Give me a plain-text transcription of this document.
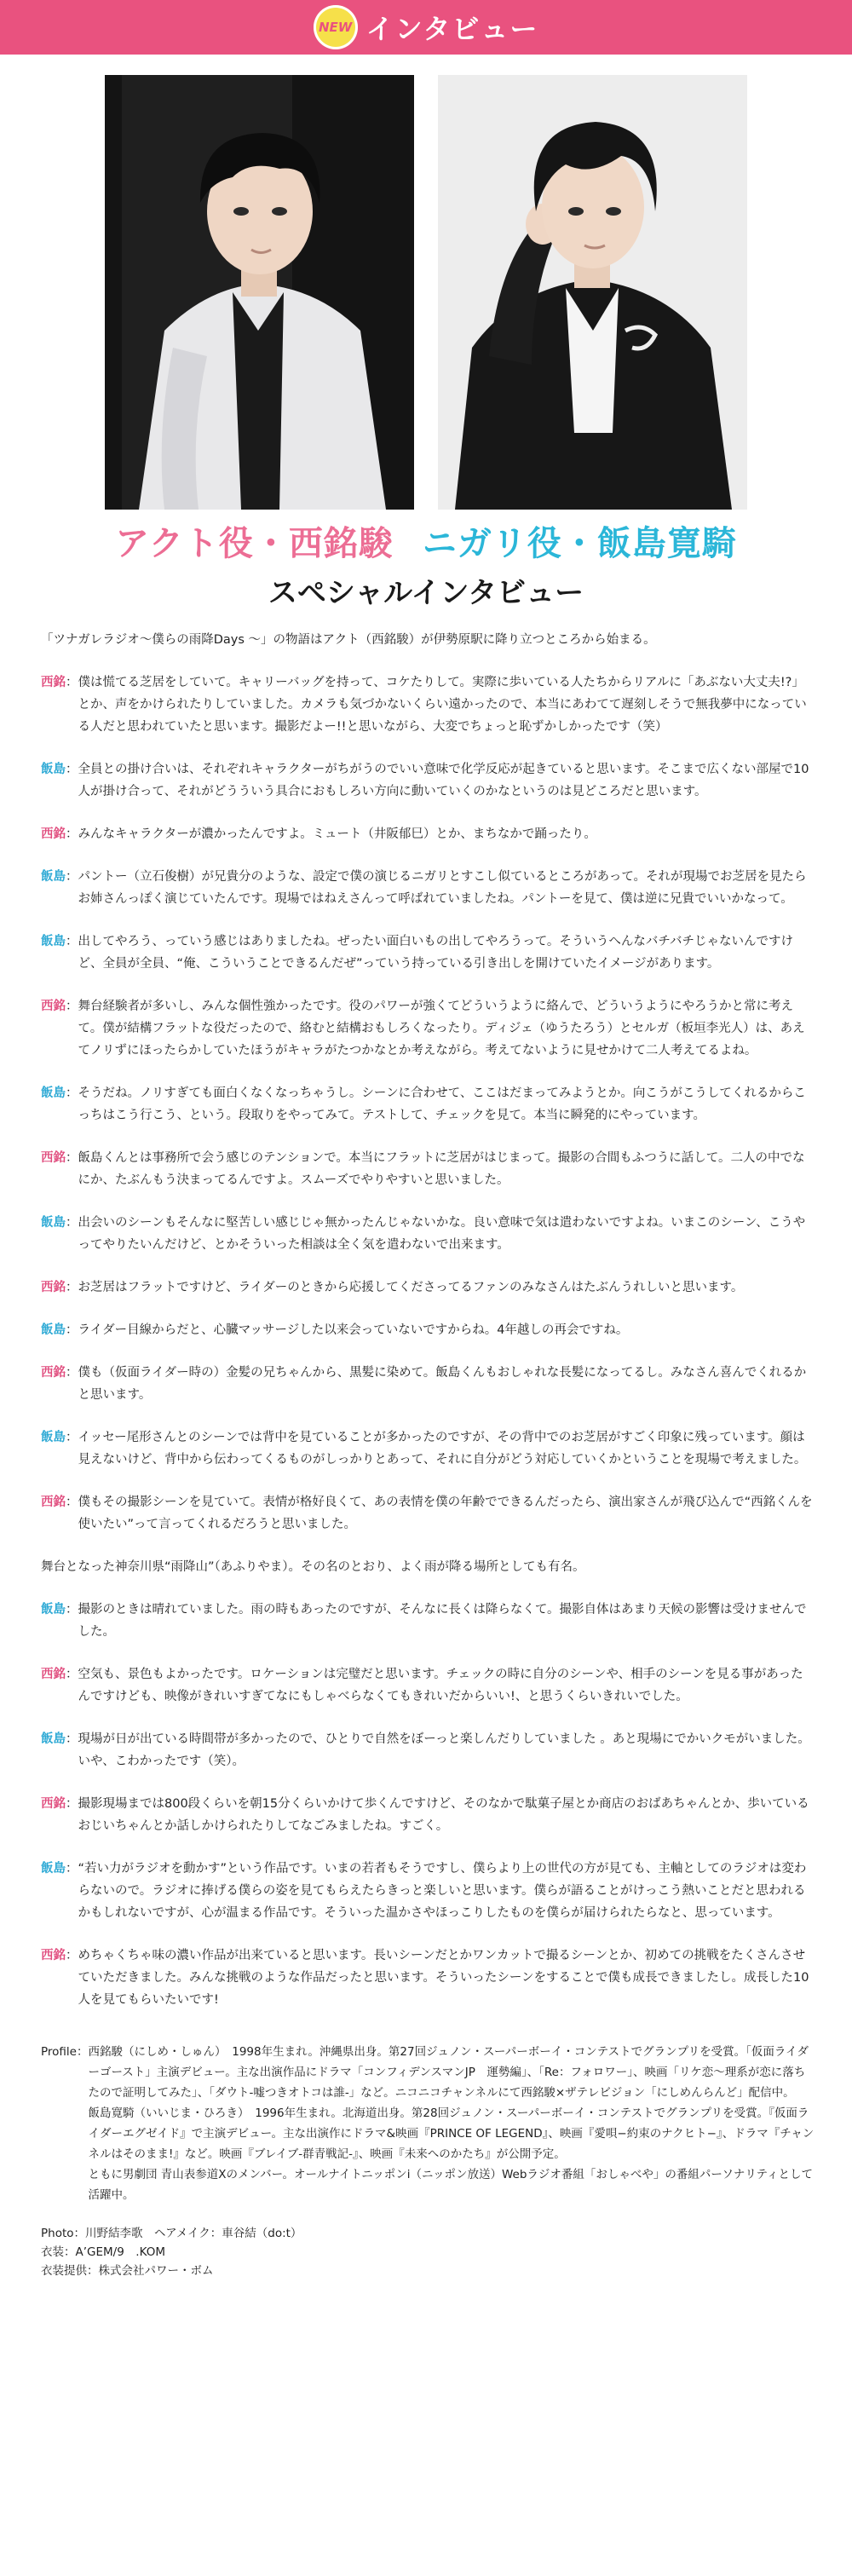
NEW インタビュー
アクト役・西銘駿 ニガリ役・飯島寛騎
スペシャルインタビュー

「ツナガレラジオ〜僕らの雨降Days 〜」の物語はアクト（西銘駿）が伊勢原駅に降り立つところから始まる。

西銘 ： 僕は慌てる芝居をしていて。キャリーバッグを持って、コケたりして。実際に歩いている人たちからリアルに「あぶない大丈夫!?」とか、声をかけられたりしていました。カメラも気づかないくらい遠かったので、本当にあわてて遅刻しそうで無我夢中になっている人だと思われていたと思います。撮影だよー!!と思いながら、大変でちょっと恥ずかしかったです（笑）
飯島 ： 全員との掛け合いは、それぞれキャラクターがちがうのでいい意味で化学反応が起きていると思います。そこまで広くない部屋で10人が掛け合って、それがどうういう具合におもしろい方向に動いていくのかなというのは見どころだと思います。
西銘 ： みんなキャラクターが濃かったんですよ。ミュート（井阪郁巳）とか、まちなかで踊ったり。
飯島 ： パントー（立石俊樹）が兄貴分のような、設定で僕の演じるニガリとすこし似ているところがあって。それが現場でお芝居を見たらお姉さんっぽく演じていたんです。現場ではねえさんって呼ばれていましたね。パントーを見て、僕は逆に兄貴でいいかなって。
飯島 ： 出してやろう、っていう感じはありましたね。ぜったい面白いもの出してやろうって。そういうへんなバチバチじゃないんですけど、全員が全員、“俺、こういうことできるんだぜ”っていう持っている引き出しを開けていたイメージがあります。
西銘 ： 舞台経験者が多いし、みんな個性強かったです。役のパワーが強くてどういうように絡んで、どういうようにやろうかと常に考えて。僕が結構フラットな役だったので、絡むと結構おもしろくなったり。ディジェ（ゆうたろう）とセルガ（板垣李光人）は、あえてノリずにほったらかしていたほうがキャラがたつかなとか考えながら。考えてないように見せかけて二人考えてるよね。
飯島 ： そうだね。ノリすぎても面白くなくなっちゃうし。シーンに合わせて、ここはだまってみようとか。向こうがこうしてくれるからこっちはこう行こう、という。段取りをやってみて。テストして、チェックを見て。本当に瞬発的にやっています。
西銘 ： 飯島くんとは事務所で会う感じのテンションで。本当にフラットに芝居がはじまって。撮影の合間もふつうに話して。二人の中でなにか、たぶんもう決まってるんですよ。スムーズでやりやすいと思いました。
飯島 ： 出会いのシーンもそんなに堅苦しい感じじゃ無かったんじゃないかな。良い意味で気は遣わないですよね。いまこのシーン、こうやってやりたいんだけど、とかそういった相談は全く気を遣わないで出来ます。
西銘 ： お芝居はフラットですけど、ライダーのときから応援してくださってるファンのみなさんはたぶんうれしいと思います。
飯島 ： ライダー目線からだと、心臓マッサージした以来会っていないですからね。4年越しの再会ですね。
西銘 ： 僕も（仮面ライダー時の）金髪の兄ちゃんから、黒髪に染めて。飯島くんもおしゃれな長髪になってるし。みなさん喜んでくれるかと思います。
飯島 ： イッセー尾形さんとのシーンでは背中を見ていることが多かったのですが、その背中でのお芝居がすごく印象に残っています。顔は見えないけど、背中から伝わってくるものがしっかりとあって、それに自分がどう対応していくかということを現場で考えました。
西銘 ： 僕もその撮影シーンを見ていて。表情が格好良くて、あの表情を僕の年齢でできるんだったら、演出家さんが飛び込んで“西銘くんを使いたい”って言ってくれるだろうと思いました。

舞台となった神奈川県“雨降山”（あふりやま）。その名のとおり、よく雨が降る場所としても有名。

飯島 ： 撮影のときは晴れていました。雨の時もあったのですが、そんなに長くは降らなくて。撮影自体はあまり天候の影響は受けませんでした。
西銘 ： 空気も、景色もよかったです。ロケーションは完璧だと思います。チェックの時に自分のシーンや、相手のシーンを見る事があったんですけども、映像がきれいすぎてなにもしゃべらなくてもきれいだからいい!、と思うくらいきれいでした。
飯島 ： 現場が日が出ている時間帯が多かったので、ひとりで自然をぼーっと楽しんだりしていました 。あと現場にでかいクモがいました。いや、こわかったです（笑）。
西銘 ： 撮影現場までは800段くらいを朝15分くらいかけて歩くんですけど、そのなかで駄菓子屋とか商店のおばあちゃんとか、歩いているおじいちゃんとか話しかけられたりしてなごみましたね。すごく。
飯島 ： “若い力がラジオを動かす”という作品です。いまの若者もそうですし、僕らより上の世代の方が見ても、主軸としてのラジオは変わらないので。ラジオに捧げる僕らの姿を見てもらえたらきっと楽しいと思います。僕らが語ることがけっこう熱いことだと思われるかもしれないですが、心が温まる作品です。そういった温かさやほっこりしたものを僕らが届けられたらなと、思っています。
西銘 ： めちゃくちゃ味の濃い作品が出来ていると思います。長いシーンだとかワンカットで撮るシーンとか、初めての挑戦をたくさんさせていただきました。みんな挑戦のような作品だったと思います。そういったシーンをすることで僕も成長できましたし。成長した10人を見てもらいたいです!
Profile： 西銘駿（にしめ・しゅん）　1998年生まれ。沖縄県出身。第27回ジュノン・スーパーボーイ・コンテストでグランプリを受賞。「仮面ライダーゴースト」主演デビュー。主な出演作品にドラマ「コンフィデンスマンJP　運勢編」、「Re：フォロワー」、映画「リケ恋〜理系が恋に落ちたので証明してみた」、「ダウト-嘘つきオトコは誰-」など。ニコニコチャンネルにて西銘駿×ザテレビジョン「にしめんらんど」配信中。

飯島寛騎（いいじま・ひろき）　1996年生まれ。北海道出身。第28回ジュノン・スーパーボーイ・コンテストでグランプリを受賞。『仮面ライダーエグゼイド』で主演デビュー。主な出演作にドラマ&映画『PRINCE OF LEGEND』、映画『愛唄−約束のナクヒト−』、ドラマ『チャンネルはそのまま!』など。映画『ブレイブ-群青戦記-』、映画『未来へのかたち』が公開予定。

ともに男劇団 青山表参道Xのメンバー。オールナイトニッポンi（ニッポン放送）Webラジオ番組「おしゃべや」の番組パーソナリティとして活躍中。

Photo：川野結李歌　ヘアメイク：車谷結（do:t）

衣装：A’GEM/9　.KOM

衣装提供：株式会社パワー・ボム
